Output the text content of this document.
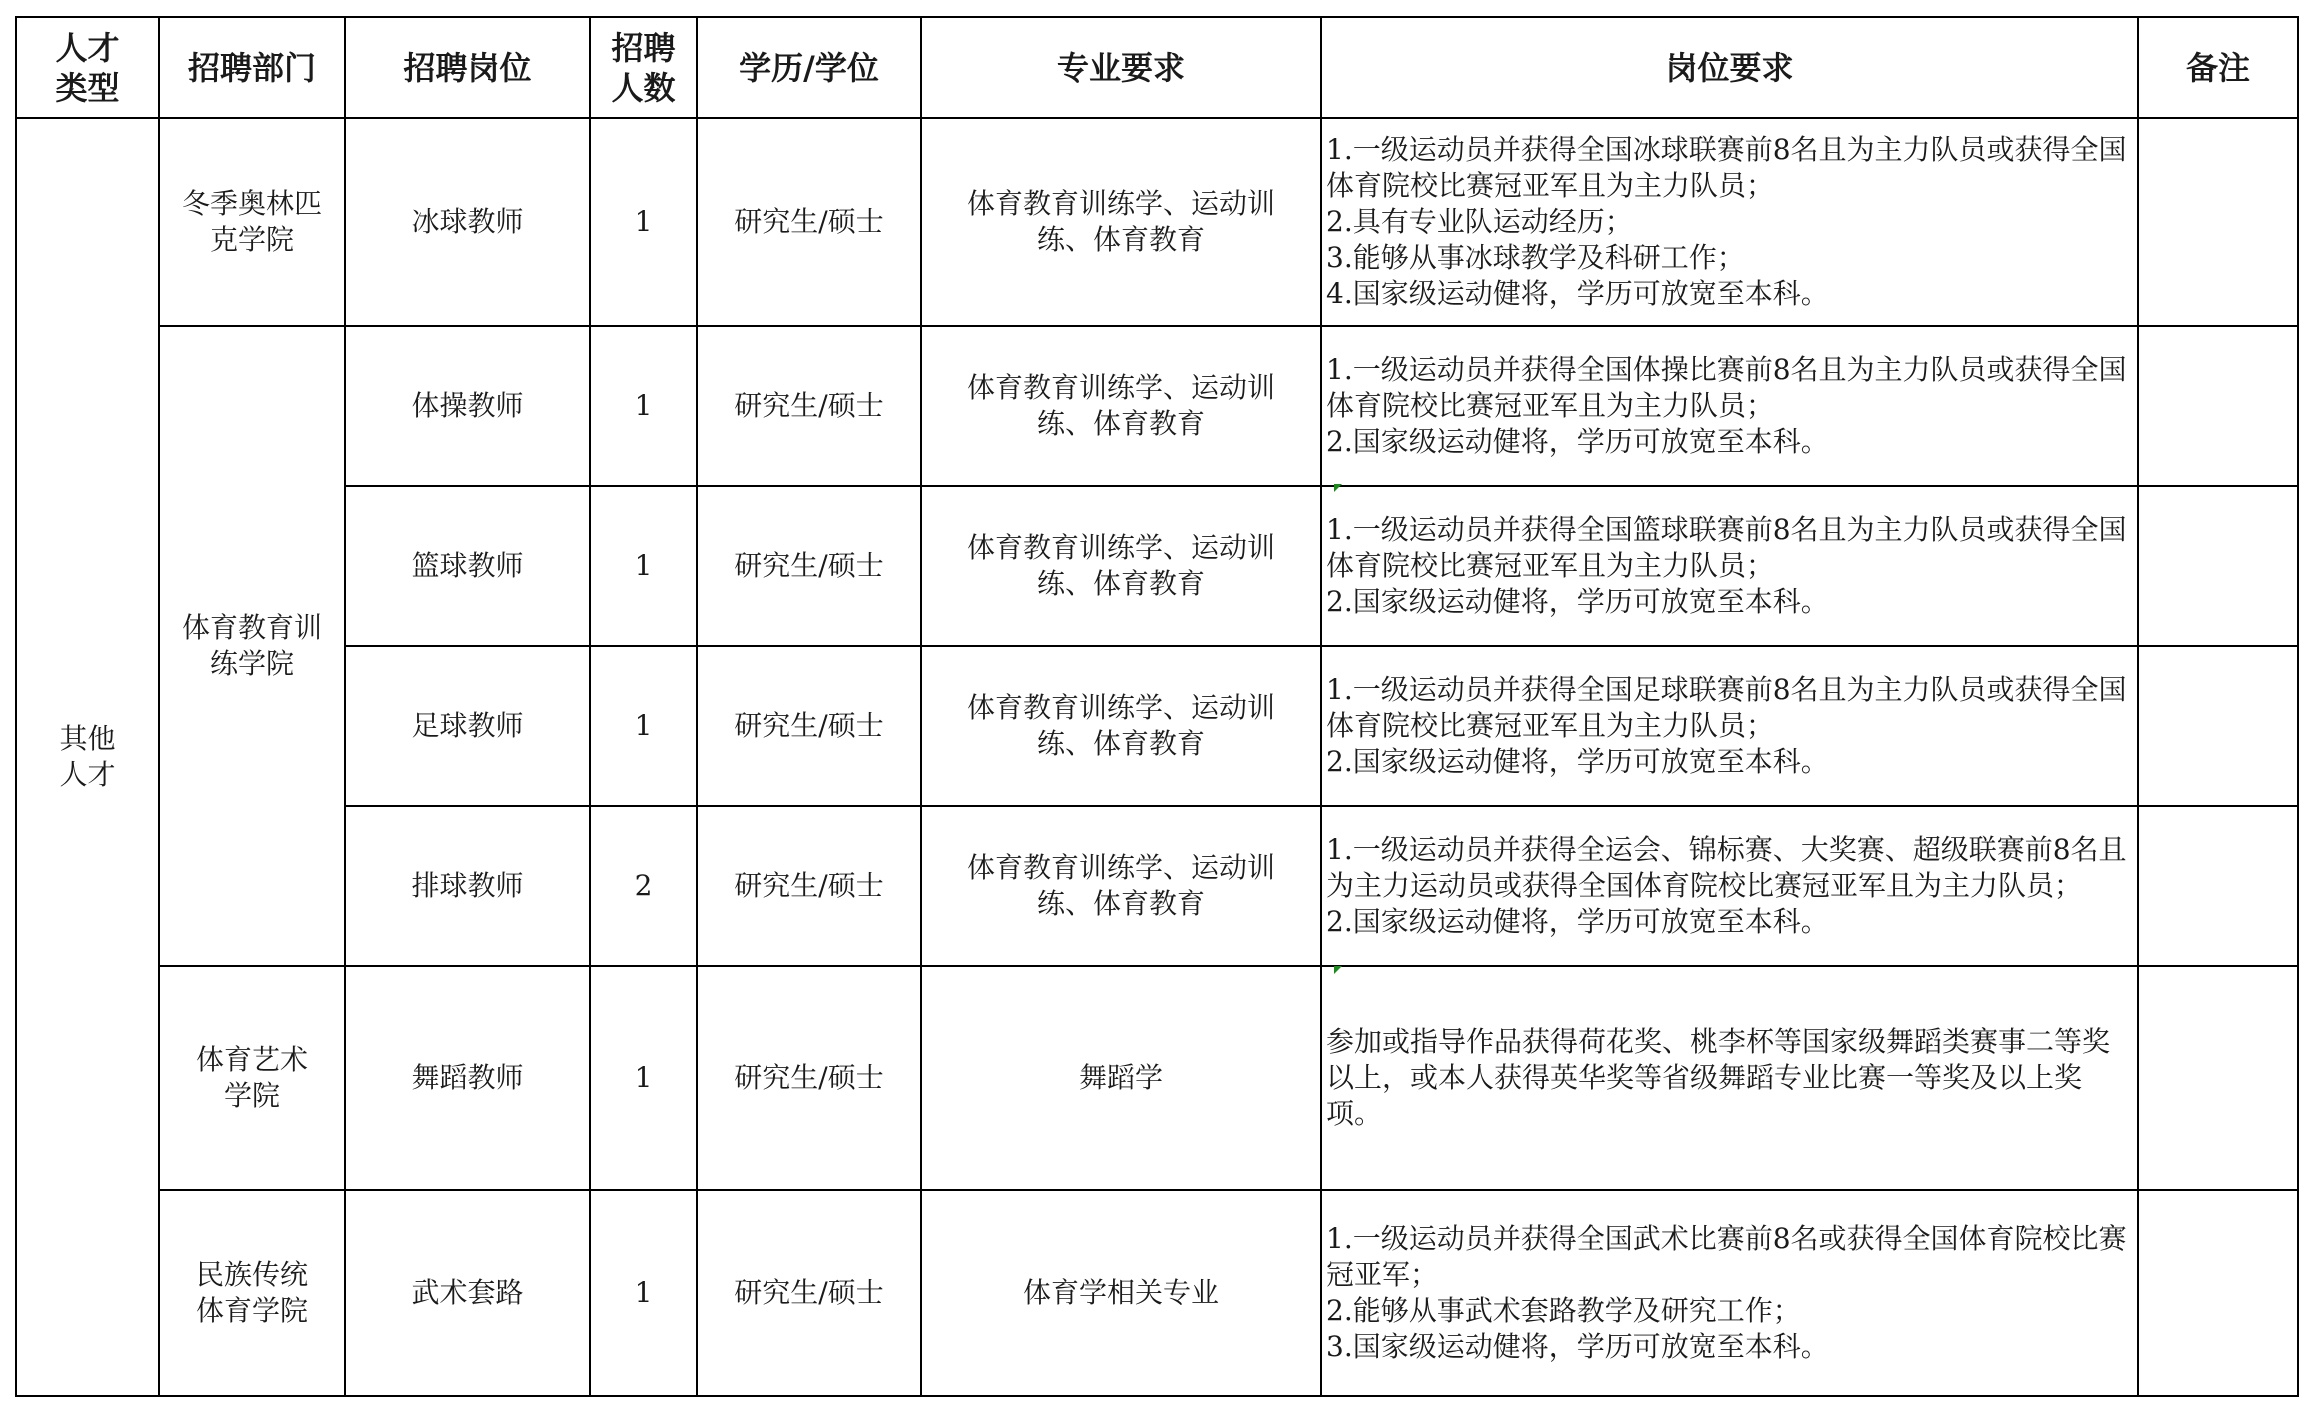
人才类型	招聘部门	招聘岗位	招聘人数	学历/学位	专业要求	岗位要求	备注

其他人才	冬季奥林匹克学院	冰球教师	1	研究生/硕士	体育教育训练学、运动训练、体育教育	1.一级运动员并获得全国冰球联赛前8名且为主力队员或获得全国体育院校比赛冠亚军且为主力队员；
2.具有专业队运动经历；
3.能够从事冰球教学及科研工作；
4.国家级运动健将，学历可放宽至本科。	

	体育教育训练学院	体操教师	1	研究生/硕士	体育教育训练学、运动训练、体育教育	1.一级运动员并获得全国体操比赛前8名且为主力队员或获得全国体育院校比赛冠亚军且为主力队员；
2.国家级运动健将，学历可放宽至本科。	

		篮球教师	1	研究生/硕士	体育教育训练学、运动训练、体育教育	1.一级运动员并获得全国篮球联赛前8名且为主力队员或获得全国体育院校比赛冠亚军且为主力队员；
2.国家级运动健将，学历可放宽至本科。	

		足球教师	1	研究生/硕士	体育教育训练学、运动训练、体育教育	1.一级运动员并获得全国足球联赛前8名且为主力队员或获得全国体育院校比赛冠亚军且为主力队员；
2.国家级运动健将，学历可放宽至本科。	

		排球教师	2	研究生/硕士	体育教育训练学、运动训练、体育教育	1.一级运动员并获得全运会、锦标赛、大奖赛、超级联赛前8名且为主力运动员或获得全国体育院校比赛冠亚军且为主力队员；
2.国家级运动健将，学历可放宽至本科。	

	体育艺术学院	舞蹈教师	1	研究生/硕士	舞蹈学	参加或指导作品获得荷花奖、桃李杯等国家级舞蹈类赛事二等奖以上，或本人获得英华奖等省级舞蹈专业比赛一等奖及以上奖项。	

	民族传统体育学院	武术套路	1	研究生/硕士	体育学相关专业	1.一级运动员并获得全国武术比赛前8名或获得全国体育院校比赛冠亚军；
2.能够从事武术套路教学及研究工作；
3.国家级运动健将，学历可放宽至本科。	
